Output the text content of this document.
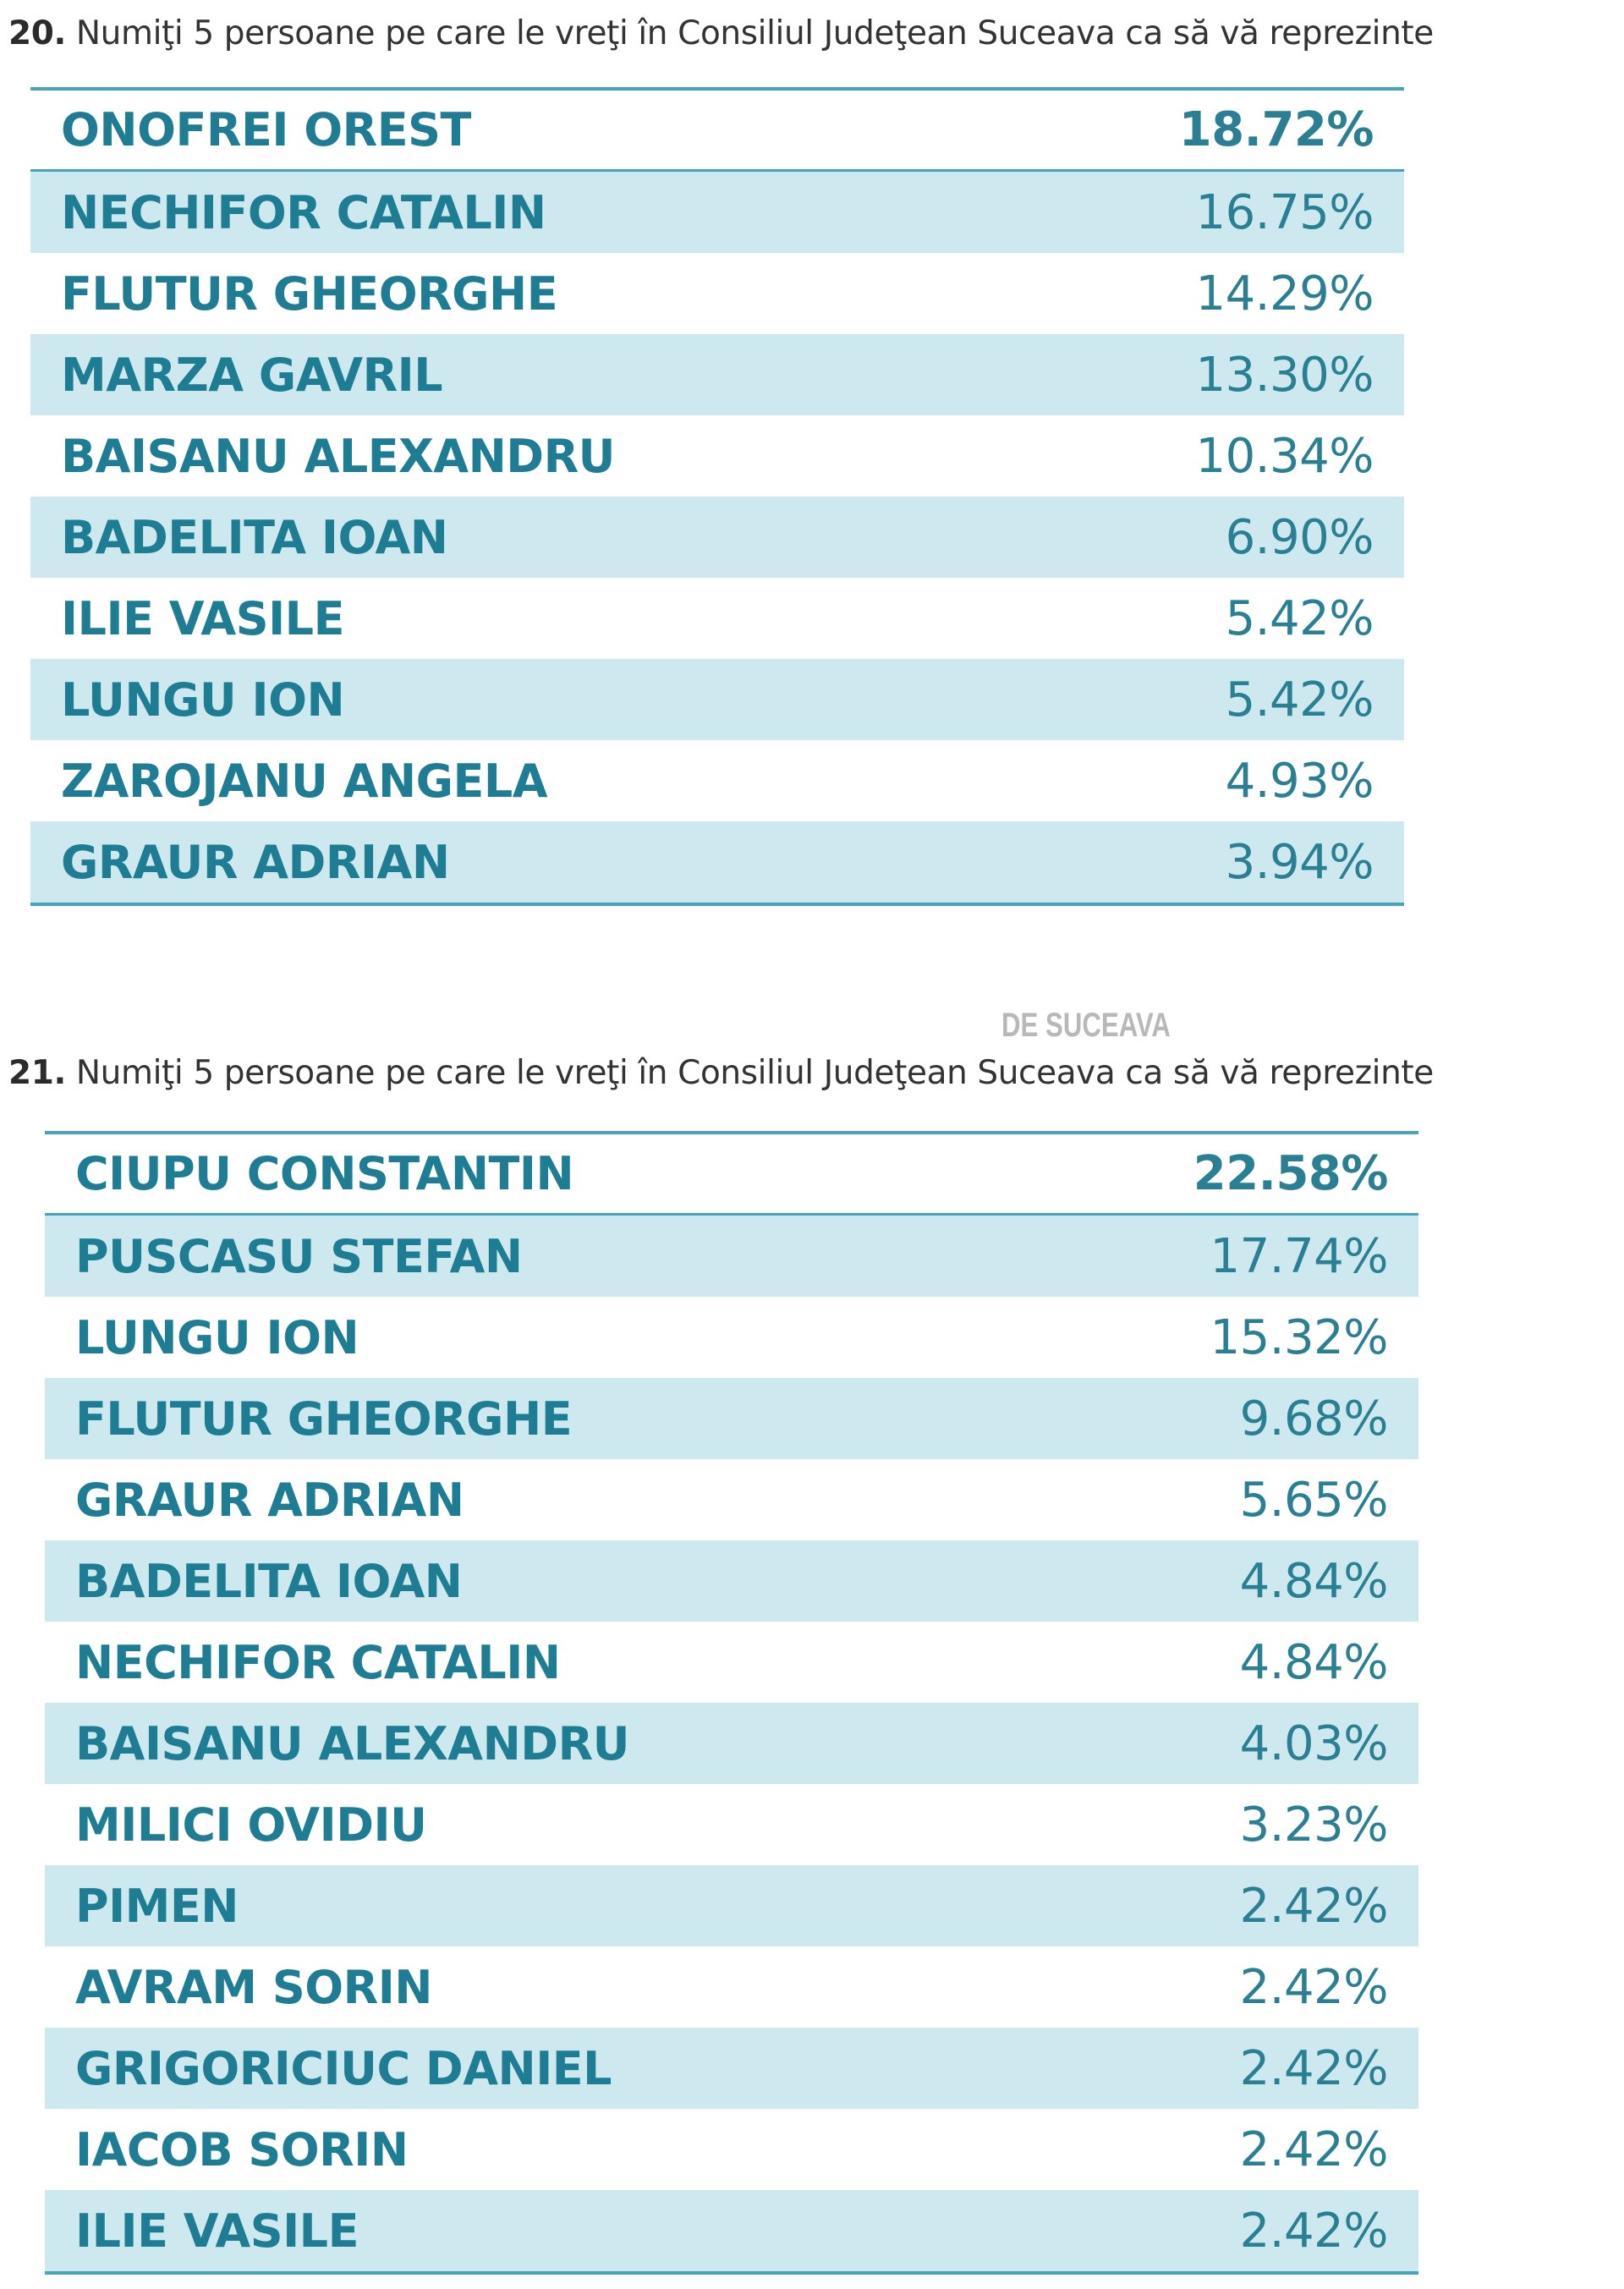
20. Numiţi 5 persoane pe care le vreţi în Consiliul Judeţean Suceava ca să vă reprezinte
ONOFREI OREST	18.72%
NECHIFOR CATALIN	16.75%
FLUTUR GHEORGHE	14.29%
MARZA GAVRIL	13.30%
BAISANU ALEXANDRU	10.34%
BADELITA IOAN	6.90%
ILIE VASILE	5.42%
LUNGU ION	5.42%
ZAROJANU ANGELA	4.93%
GRAUR ADRIAN	3.94%
DE SUCEAVA
21. Numiţi 5 persoane pe care le vreţi în Consiliul Judeţean Suceava ca să vă reprezinte
CIUPU CONSTANTIN	22.58%
PUSCASU STEFAN	17.74%
LUNGU ION	15.32%
FLUTUR GHEORGHE	9.68%
GRAUR ADRIAN	5.65%
BADELITA IOAN	4.84%
NECHIFOR CATALIN	4.84%
BAISANU ALEXANDRU	4.03%
MILICI OVIDIU	3.23%
PIMEN	2.42%
AVRAM SORIN	2.42%
GRIGORICIUC DANIEL	2.42%
IACOB SORIN	2.42%
ILIE VASILE	2.42%
